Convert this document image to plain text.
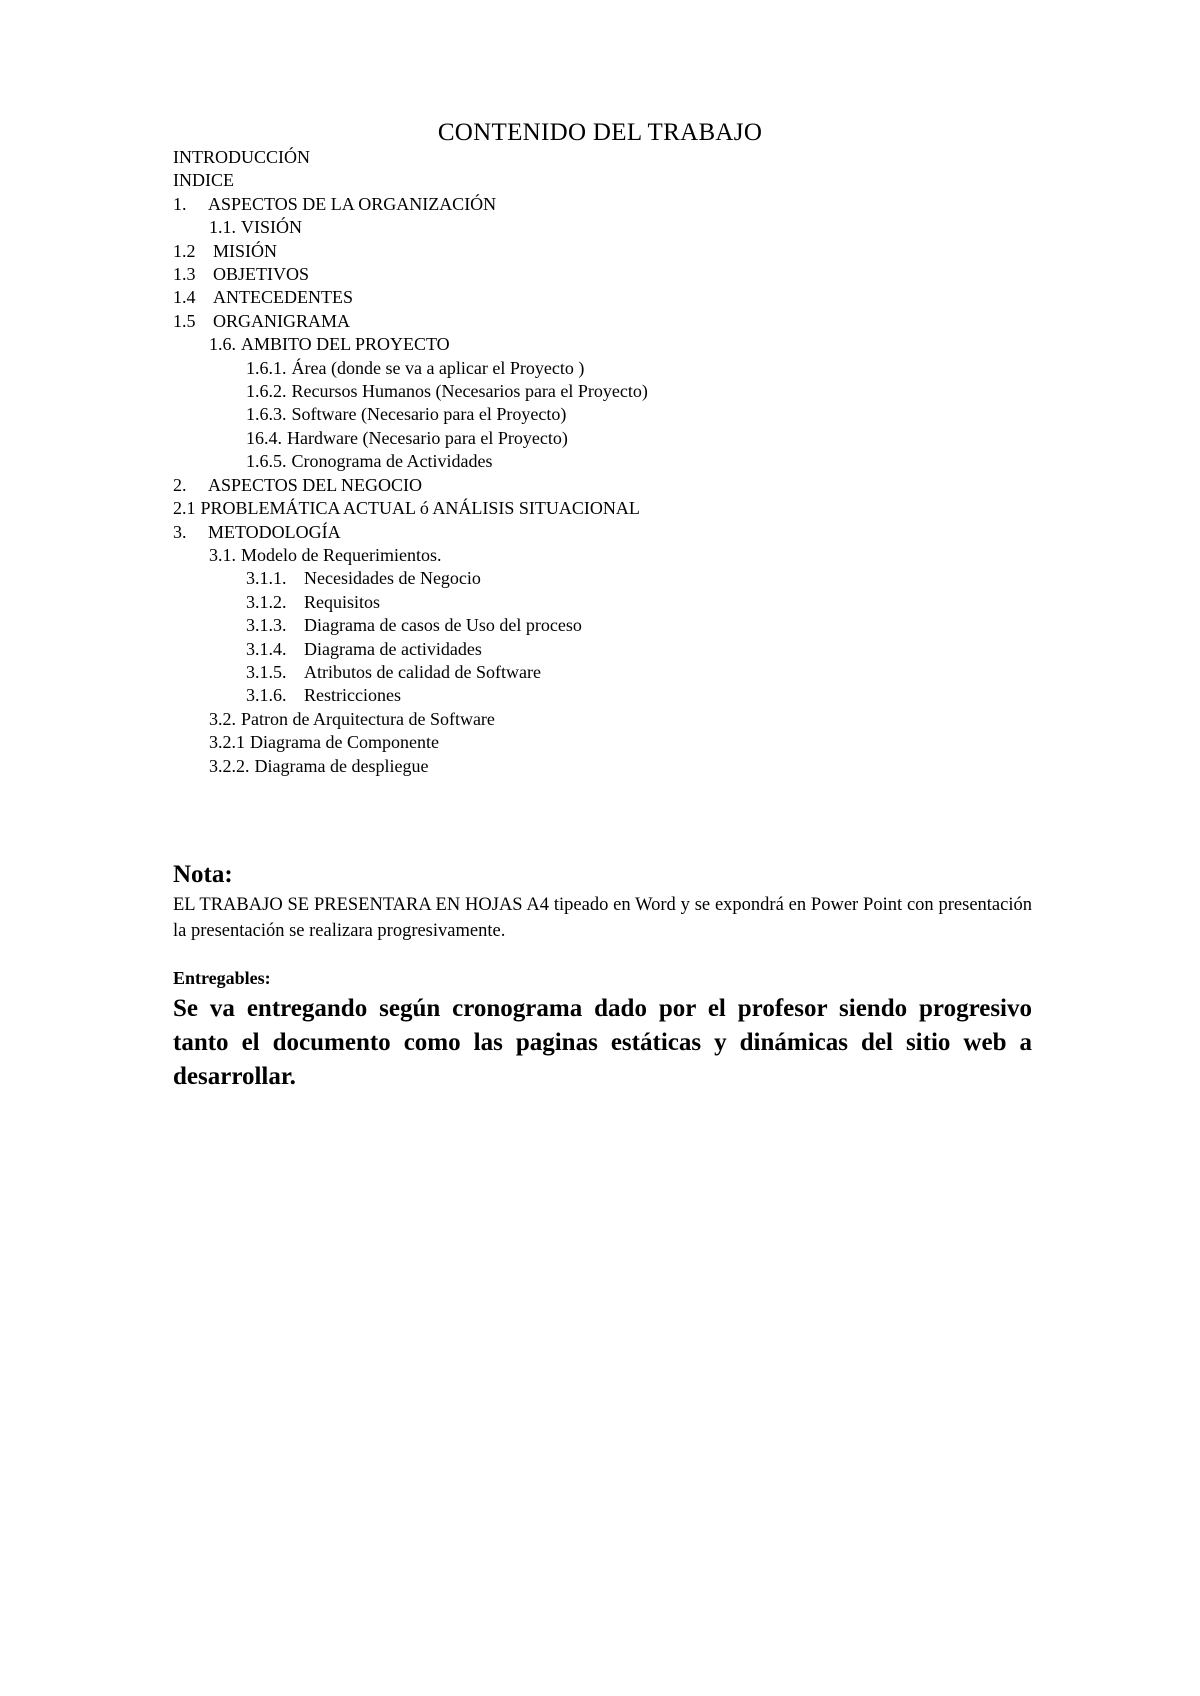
CONTENIDO DEL TRABAJO
INTRODUCCIÓN
INDICE
1. ASPECTOS DE LA ORGANIZACIÓN
1.1. VISIÓN
1.2 MISIÓN
1.3 OBJETIVOS
1.4 ANTECEDENTES
1.5 ORGANIGRAMA
1.6. AMBITO DEL PROYECTO
1.6.1. Área (donde se va a aplicar el Proyecto )
1.6.2. Recursos Humanos (Necesarios para el Proyecto)
1.6.3. Software (Necesario para el Proyecto)
16.4. Hardware (Necesario para el Proyecto)
1.6.5. Cronograma de Actividades
2. ASPECTOS DEL NEGOCIO
2.1 PROBLEMÁTICA ACTUAL ó ANÁLISIS SITUACIONAL
3. METODOLOGÍA
3.1. Modelo de Requerimientos.
3.1.1. Necesidades de Negocio
3.1.2. Requisitos
3.1.3. Diagrama de casos de Uso del proceso
3.1.4. Diagrama de actividades
3.1.5. Atributos de calidad de Software
3.1.6. Restricciones
3.2. Patron de Arquitectura de Software
3.2.1 Diagrama de Componente
3.2.2. Diagrama de despliegue
Nota:

EL TRABAJO SE PRESENTARA EN HOJAS A4 tipeado en Word y se expondrá en Power Point con presentación la presentación se realizara progresivamente.

Entregables:

Se va entregando según cronograma dado por el profesor siendo progresivo tanto el documento como las paginas estáticas y dinámicas del sitio web a desarrollar.
